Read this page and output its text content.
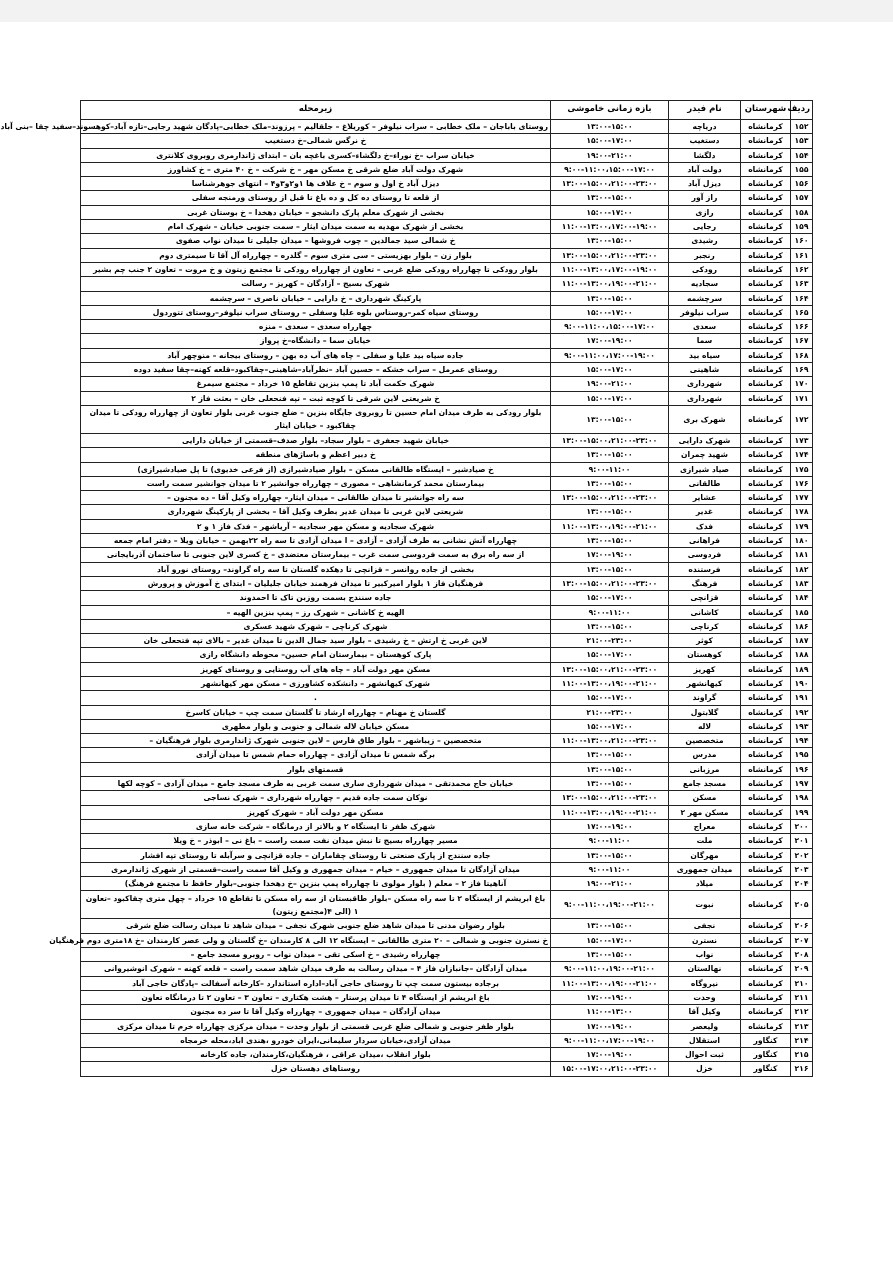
ردیف	شهرستان	نام فیدر	بازه زمانی خاموشی	زیرمحله
۱۵۲	کرمانشاه	دریاچه	۱۳:۰۰-۱۵:۰۰	روستای باباجان – ملک خطابی – سراب نیلوفر – کوریلاغ – جلقالیم – پرزوند–ملک خطابی–پادگان شهید رجایی–تازه آباد–کوهسوند–سفید چقا –بنی آباد
۱۵۳	کرمانشاه	دستغیب	۱۵:۰۰-۱۷:۰۰	خ نرگس شمالی–خ دستغیب
۱۵۴	کرمانشاه	دلگشا	۱۹:۰۰-۲۱:۰۰	خیابان سراب –خ نوراء–خ دلگشاء–کسری باغچه بان – ابتدای ژاندارمری روبروی کلانتری
۱۵۵	کرمانشاه	دولت آباد	۹:۰۰-۱۱:۰۰،۱۵:۰۰-۱۷:۰۰	شهرک دولت آباد ضلع شرقی خ مسکن مهر – خ شرکت – خ ۴۰ متری – خ کشاورز
۱۵۶	کرمانشاه	دیزل آباد	۱۳:۰۰-۱۵:۰۰،۲۱:۰۰-۲۳:۰۰	دیزل آباد خ اول و سوم – خ علاف ها ۱و۲و۳و۴ – انتهای جوهرشناسا
۱۵۷	کرمانشاه	راز آور	۱۳:۰۰-۱۵:۰۰	از قلعه تا روستای ده کل و ده باغ تا قبل از روستای ورمنجه سفلی
۱۵۸	کرمانشاه	رازی	۱۵:۰۰-۱۷:۰۰	بخشی از شهرک معلم پارک دانشجو – خیابان دهخدا – خ بوستان غربی
۱۵۹	کرمانشاه	رجایی	۱۱:۰۰-۱۳:۰۰،۱۷:۰۰-۱۹:۰۰	بخشی از شهرک مهدیه به سمت میدان ایثار – سمت جنوبی خیابان – شهرک امام
۱۶۰	کرمانشاه	رشیدی	۱۳:۰۰-۱۵:۰۰	خ شمالی سید جمالدین – چوب فروشها – میدان جلیلی تا میدان نواب صفوی
۱۶۱	کرمانشاه	رنجبر	۱۳:۰۰-۱۵:۰۰،۲۱:۰۰-۲۳:۰۰	بلوار زن – بلوار بهزیستی – سی متری سوم – گلدره – چهارراه آل آقا تا سیمتری دوم
۱۶۲	کرمانشاه	رودکی	۱۱:۰۰-۱۳:۰۰،۱۷:۰۰-۱۹:۰۰	بلوار رودکی تا چهارراه رودکی ضلع غربی – تعاون از چهارراه رودکی تا مجتمع زیتون و خ مروت – تعاون ۲ جنب چم بشیر
۱۶۳	کرمانشاه	سجادیه	۱۱:۰۰-۱۳:۰۰،۱۹:۰۰-۲۱:۰۰	شهرک بسیج – آزادگان – کهریز – رسالت
۱۶۴	کرمانشاه	سرچشمه	۱۳:۰۰-۱۵:۰۰	پارکینگ شهرداری – خ دارایی – خیابان ناصری – سرچشمه
۱۶۵	کرمانشاه	سراب نیلوفر	۱۵:۰۰-۱۷:۰۰	روستای سیاه کمر–روستاس بلوه علیا وسفلی – روستای سراب نیلوفر–روستای تتوردول
۱۶۶	کرمانشاه	سعدی	۹:۰۰-۱۱:۰۰،۱۵:۰۰-۱۷:۰۰	چهارراه سعدی – سعدی – منزه
۱۶۷	کرمانشاه	سما	۱۷:۰۰-۱۹:۰۰	خیابان سما – دانشگاه–خ پرواز
۱۶۸	کرمانشاه	سیاه بید	۹:۰۰-۱۱:۰۰،۱۷:۰۰-۱۹:۰۰	جاده سیاه بید علیا و سفلی – چاه های آب ده بهن – روستای بیجانه – منوچهر آباد
۱۶۹	کرمانشاه	شاهینی	۱۵:۰۰-۱۷:۰۰	روستای عمرمل – سراب خشکه – حسین آباد –نظرآباد–شاهینی–چقاکبود–قلعه کهنه–چقا سفید دوده
۱۷۰	کرمانشاه	شهرداری	۱۹:۰۰-۲۱:۰۰	شهرک حکمت آباد تا پمپ بنزین تقاطع ۱۵ خرداد – مجتمع سیمرغ
۱۷۱	کرمانشاه	شهرداری	۱۵:۰۰-۱۷:۰۰	خ شریعتی لاین شرقی تا کوچه ثبت – تپه فنحعلی خان – بعثت فاز ۲
۱۷۲	کرمانشاه	شهرک بری	۱۳:۰۰-۱۵:۰۰	بلوار رودکی به طرف میدان امام حسین تا روبروی جایگاه بنزین – ضلع جنوب غربی بلوار تعاون از چهارراه رودکی تا میدان چقاکبود – خیابان ایثار
۱۷۳	کرمانشاه	شهرک دارایی	۱۳:۰۰-۱۵:۰۰،۲۱:۰۰-۲۳:۰۰	خیابان شهید جعفری – بلوار سجاد– بلوار صدف–قسمتی از خیابان دارایی
۱۷۴	کرمانشاه	شهید چمران	۱۳:۰۰-۱۵:۰۰	خ دبیر اعظم و باساژهای منطقه
۱۷۵	کرمانشاه	صیاد شیرازی	۹:۰۰-۱۱:۰۰	خ صیادشیر – ایستگاه طالقانی مسکن – بلوار صیادشیرازی (از فرعی خدیوی) تا پل صیادشیرازی)
۱۷۶	کرمانشاه	طالقانی	۱۳:۰۰-۱۵:۰۰	بیمارستان محمد کرمانشاهی – مصوری – چهارراه جوانشیر ۲ تا میدان جوانشیر سمت راست
۱۷۷	کرمانشاه	عشایر	۱۳:۰۰-۱۵:۰۰،۲۱:۰۰-۲۳:۰۰	سه راه جوانشیر تا میدان طالقانی – میدان ایثار– چهارراه وکیل آقا – ده مجنون –
۱۷۸	کرمانشاه	غدیر	۱۳:۰۰-۱۵:۰۰	شریعتی لاین غربی تا میدان غدیر بطرف وکیل آقا – بخشی از پارکینگ شهرداری
۱۷۹	کرمانشاه	فدک	۱۱:۰۰-۱۳:۰۰،۱۹:۰۰-۲۱:۰۰	شهرک سجادیه و مسکن مهر سجادیه – آریاشهر – فدک فاز ۱ و ۲
۱۸۰	کرمانشاه	فراهانی	۱۳:۰۰-۱۵:۰۰	چهارراه آتش نشانی به طرف آزادی – آزادی – ا میدان آزادی تا سه راه ۲۲بهمن – خیابان ویلا – دفتر امام جمعه
۱۸۱	کرمانشاه	فردوسی	۱۷:۰۰-۱۹:۰۰	از سه راه برق به سمت فردوسی سمت غرب – بیمارستان معتضدی – خ کسری لاین جنوبی تا ساختمان آذربایجانی
۱۸۲	کرمانشاه	فرستنده	۱۳:۰۰-۱۵:۰۰	بخشی از جاده روانسر – قزانچی تا دهکده گلستان تا سه راه گراوند– روستای نورو آباد
۱۸۳	کرمانشاه	فرهنگ	۱۳:۰۰-۱۵:۰۰،۲۱:۰۰-۲۳:۰۰	فرهنگیان فاز ۱ بلوار امیرکبیر تا میدان فرهمند خیابان جلیلیان – ابتدای خ آموزش و پرورش
۱۸۴	کرمانشاه	قزانچی	۱۵:۰۰-۱۷:۰۰	جاده سنندج بسمت روزبن تاک تا احمدوند
۱۸۵	کرمانشاه	کاشانی	۹:۰۰-۱۱:۰۰	الهیه خ کاشانی – شهرک رز – پمپ بنزین الهیه –
۱۸۶	کرمانشاه	کرناچی	۱۳:۰۰-۱۵:۰۰	شهرک کرناچی – شهرک شهید عسکری
۱۸۷	کرمانشاه	کوثر	۲۱:۰۰-۲۳:۰۰	لاین غربی خ ارتش – خ رشیدی – بلوار سید جمال الدین تا میدان غدیر – بالای تپه فتحعلی خان
۱۸۸	کرمانشاه	کوهستان	۱۵:۰۰-۱۷:۰۰	پارک کوهستان – بیمارستان امام حسین– محوطه دانشگاه رازی
۱۸۹	کرمانشاه	کهریز	۱۳:۰۰-۱۵:۰۰،۲۱:۰۰-۲۳:۰۰	مسکن مهر دولت آباد – چاه های آب روستایی و روستای کهریز
۱۹۰	کرمانشاه	کیهانشهر	۱۱:۰۰-۱۳:۰۰،۱۹:۰۰-۲۱:۰۰	شهرک کیهانشهر – دانشکده کشاورزی – مسکن مهر کیهانشهر
۱۹۱	کرمانشاه	گراوند	۱۵:۰۰-۱۷:۰۰	.
۱۹۲	کرمانشاه	گلابتول	۲۱:۰۰-۲۳:۰۰	گلستان خ مهنام – چهارراه ارشاد تا گلستان سمت چپ – خیابان کاسرخ
۱۹۳	کرمانشاه	لاله	۱۵:۰۰-۱۷:۰۰	مسکن خیابان لاله شمالی و جنوبی و بلوار مطهری
۱۹۴	کرمانشاه	متخصصین	۱۱:۰۰-۱۳:۰۰،۲۱:۰۰-۲۳:۰۰	متخصصین – زیباشهر – بلوار طاق فارس – لاین جنوبی شهرک ژاندارمری بلوار فرهنگیان –
۱۹۵	کرمانشاه	مدرس	۱۳:۰۰-۱۵:۰۰	برگه شمس تا میدان آزادی – چهارراه حمام شمس تا میدان آزادی
۱۹۶	کرمانشاه	مرزبانی	۱۳:۰۰-۱۵:۰۰	قسمتهای بلوار
۱۹۷	کرمانشاه	مسجد جامع	۱۳:۰۰-۱۵:۰۰	خیابان حاج محمدتقی – میدان شهرداری ساری سمت غربی به طرف مسجد جامع – میدان آزادی – کوچه لکها
۱۹۸	کرمانشاه	مسکن	۱۳:۰۰-۱۵:۰۰،۲۱:۰۰-۲۳:۰۰	نوکان سمت جاده قدیم – چهارراه شهرداری – شهرک نساجی
۱۹۹	کرمانشاه	مسکن مهر ۲	۱۱:۰۰-۱۳:۰۰،۱۹:۰۰-۲۱:۰۰	مسکن مهر دولت آباد – شهرک کهریز
۲۰۰	کرمانشاه	معراج	۱۷:۰۰-۱۹:۰۰	شهرک ظفر تا ایستگاه ۲ و بالاتر از درمانگاه – شرکت خانه سازی
۲۰۱	کرمانشاه	ملت	۹:۰۰-۱۱:۰۰	مسیر چهارراه بسیج تا نبش میدان نفت سمت راست – باغ نی – ابوذر – خ ویلا
۲۰۲	کرمانشاه	مهرگان	۱۳:۰۰-۱۵:۰۰	جاده سنندج از پارک صنعتی تا روستای چقاماران – جاده قزانچی و سرآبله تا روستای تپه افشار
۲۰۳	کرمانشاه	میدان جمهوری	۹:۰۰-۱۱:۰۰	میدان آزادگان تا میدان جمهوری – خیام – میدان جمهوری و وکیل آقا سمت راست–قسمتی از شهرک ژاندارمری
۲۰۴	کرمانشاه	میلاد	۱۹:۰۰-۲۱:۰۰	آناهیتا فاز ۲ – معلم ( بلوار مولوی تا چهارراه پمپ بنزین –خ دهخدا جنوبی–بلوار حافظ تا مجتمع فرهنگ)
۲۰۵	کرمانشاه	نبوت	۹:۰۰-۱۱:۰۰،۱۹:۰۰-۲۱:۰۰	باغ ابریشم از ایستگاه ۲ تا سه راه مسکن –بلوار طاقبستان از سه راه مسکن تا تقاطع ۱۵ خرداد – چهل متری چقاکبود –تعاون ۱ (الی ۴(مجتمع زیتون)
۲۰۶	کرمانشاه	نجفی	۱۳:۰۰-۱۵:۰۰	بلوار رضوان مدنی تا میدان شاهد ضلع جنوبی شهرک نجفی – میدان شاهد تا میدان رسالت ضلع شرقی
۲۰۷	کرمانشاه	نسترن	۱۵:۰۰-۱۷:۰۰	خ نسترن جنوبی و شمالی – ۲۰ متری طالقانی – ایستگاه ۱۲ الی ۸ کارمندان –خ گلستان و ولی عصر کارمندان –خ ۱۸متری دوم فرهنگیان
۲۰۸	کرمانشاه	نواب	۱۳:۰۰-۱۵:۰۰	چهارراه رشیدی – خ اسکی تقی – میدان نواب – روبرو مسجد جامع –
۲۰۹	کرمانشاه	نهالستان	۹:۰۰-۱۱:۰۰،۱۹:۰۰-۲۱:۰۰	میدان آزادگان –جانبازان فاز ۴ – میدان رسالت به طرف میدان شاهد سمت راست – قلعه کهنه – شهرک انوشیروانی
۲۱۰	کرمانشاه	نیروگاه	۱۱:۰۰-۱۳:۰۰،۱۹:۰۰-۲۱:۰۰	برجاده بیستون سمت چپ تا روستای حاجی آباد–اداره استاندارد –کارخانه آسفالت –پادگان حاجی آباد
۲۱۱	کرمانشاه	وحدت	۱۷:۰۰-۱۹:۰۰	باغ ابریشم از ایستگاه ۴ تا میدان پرستار – هشت هکتاری – تعاون ۳ – تعاون ۲ تا درمانگاه تعاون
۲۱۲	کرمانشاه	وکیل آقا	۱۱:۰۰-۱۳:۰۰	میدان آزادگان – میدان جمهوری – چهارراه وکیل آقا تا سر ده مجنون
۲۱۳	کرمانشاه	ولیعصر	۱۷:۰۰-۱۹:۰۰	بلوار ظفر جنوبی و شمالی ضلع غربی قسمتی از بلوار وحدت – میدان مرکزی چهارراه خرم تا میدان مرکزی
۲۱۴	کنگاور	استقلال	۹:۰۰-۱۱:۰۰،۱۷:۰۰-۱۹:۰۰	میدان آزادی،خیابان سردار سلیمانی،ایران خودرو ،هندی اباد،محله خرمجاه
۲۱۵	کنگاور	ثبت احوال	۱۷:۰۰-۱۹:۰۰	بلوار انقلاب ،میدان عراقی ، فرهنگیان،کارمندان، جاده کارخانه
۲۱۶	کنگاور	خزل	۱۵:۰۰-۱۷:۰۰،۲۱:۰۰-۲۳:۰۰	روستاهای دهستان خزل
